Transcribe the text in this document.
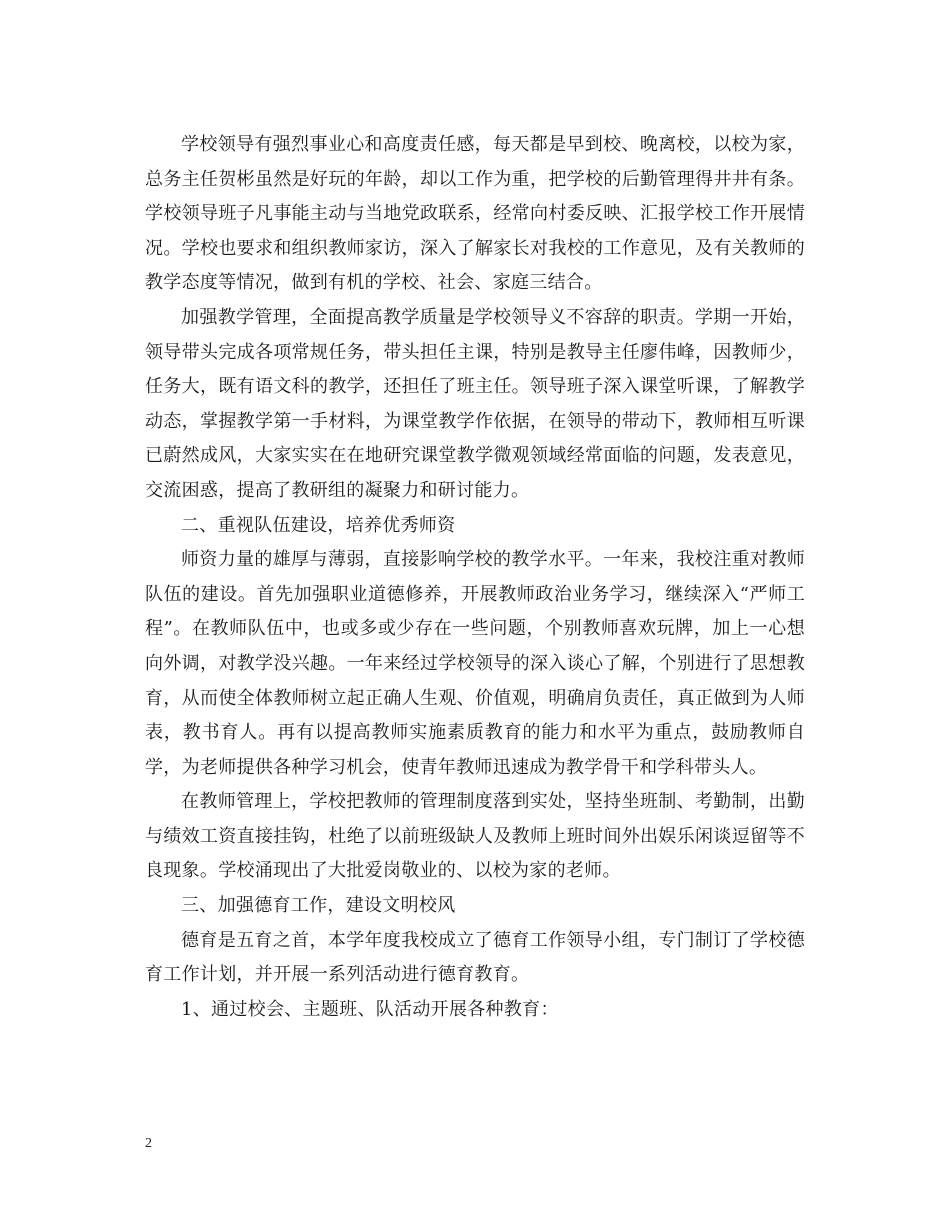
学校领导有强烈事业心和高度责任感，每天都是早到校、晚离校，以校为家，总务主任贺彬虽然是好玩的年龄，却以工作为重，把学校的后勤管理得井井有条。学校领导班子凡事能主动与当地党政联系，经常向村委反映、汇报学校工作开展情况。学校也要求和组织教师家访，深入了解家长对我校的工作意见，及有关教师的教学态度等情况，做到有机的学校、社会、家庭三结合。

加强教学管理，全面提高教学质量是学校领导义不容辞的职责。学期一开始，领导带头完成各项常规任务，带头担任主课，特别是教导主任廖伟峰，因教师少，任务大，既有语文科的教学，还担任了班主任。领导班子深入课堂听课，了解教学动态，掌握教学第一手材料，为课堂教学作依据，在领导的带动下，教师相互听课已蔚然成风，大家实实在在地研究课堂教学微观领域经常面临的问题，发表意见，交流困惑，提高了教研组的凝聚力和研讨能力。

二、重视队伍建设，培养优秀师资

师资力量的雄厚与薄弱，直接影响学校的教学水平。一年来，我校注重对教师队伍的建设。首先加强职业道德修养，开展教师政治业务学习，继续深入“严师工程”。在教师队伍中，也或多或少存在一些问题，个别教师喜欢玩牌，加上一心想向外调，对教学没兴趣。一年来经过学校领导的深入谈心了解，个别进行了思想教育，从而使全体教师树立起正确人生观、价值观，明确肩负责任，真正做到为人师表，教书育人。再有以提高教师实施素质教育的能力和水平为重点，鼓励教师自学，为老师提供各种学习机会，使青年教师迅速成为教学骨干和学科带头人。

在教师管理上，学校把教师的管理制度落到实处，坚持坐班制、考勤制，出勤与绩效工资直接挂钩，杜绝了以前班级缺人及教师上班时间外出娱乐闲谈逗留等不良现象。学校涌现出了大批爱岗敬业的、以校为家的老师。

三、加强德育工作，建设文明校风

德育是五育之首，本学年度我校成立了德育工作领导小组，专门制订了学校德育工作计划，并开展一系列活动进行德育教育。

1、通过校会、主题班、队活动开展各种教育：

2
